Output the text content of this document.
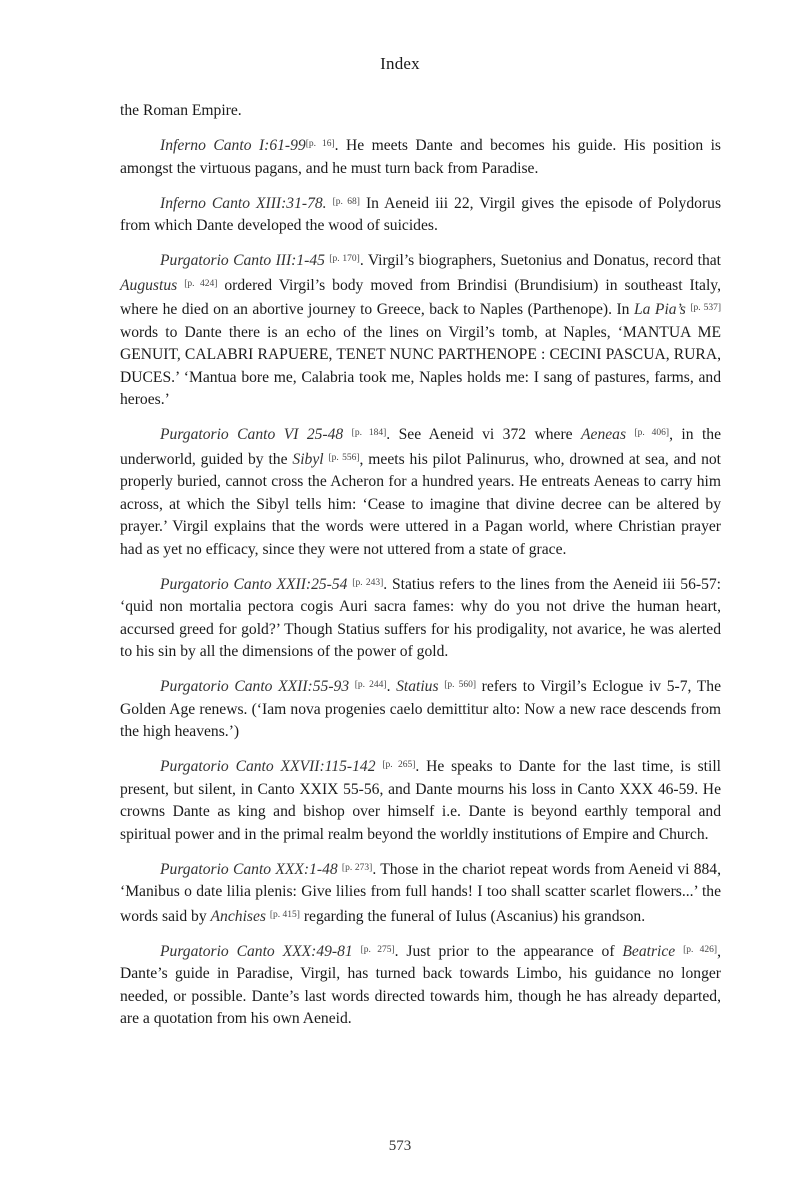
Index

the Roman Empire.

Inferno Canto I:61-99[p. 16]. He meets Dante and becomes his guide. His position is amongst the virtuous pagans, and he must turn back from Paradise.

Inferno Canto XIII:31-78. [p. 68] In Aeneid iii 22, Virgil gives the episode of Polydorus from which Dante developed the wood of suicides.

Purgatorio Canto III:1-45 [p. 170]. Virgil’s biographers, Suetonius and Donatus, record that Augustus [p. 424] ordered Virgil’s body moved from Brindisi (Brundisium) in southeast Italy, where he died on an abortive journey to Greece, back to Naples (Parthenope). In La Pia’s [p. 537] words to Dante there is an echo of the lines on Virgil’s tomb, at Naples, ‘MANTUA ME GENUIT, CALABRI RAPUERE, TENET NUNC PARTHENOPE : CECINI PASCUA, RURA, DUCES.’ ‘Mantua bore me, Calabria took me, Naples holds me: I sang of pastures, farms, and heroes.’

Purgatorio Canto VI 25-48 [p. 184]. See Aeneid vi 372 where Aeneas [p. 406], in the underworld, guided by the Sibyl [p. 556], meets his pilot Palinurus, who, drowned at sea, and not properly buried, cannot cross the Acheron for a hundred years. He entreats Aeneas to carry him across, at which the Sibyl tells him: ‘Cease to imagine that divine decree can be altered by prayer.’ Virgil explains that the words were uttered in a Pagan world, where Christian prayer had as yet no efficacy, since they were not uttered from a state of grace.

Purgatorio Canto XXII:25-54 [p. 243]. Statius refers to the lines from the Aeneid iii 56-57: ‘quid non mortalia pectora cogis Auri sacra fames: why do you not drive the human heart, accursed greed for gold?’ Though Statius suffers for his prodigality, not avarice, he was alerted to his sin by all the dimensions of the power of gold.

Purgatorio Canto XXII:55-93 [p. 244]. Statius [p. 560] refers to Virgil’s Eclogue iv 5-7, The Golden Age renews. (‘Iam nova progenies caelo demittitur alto: Now a new race descends from the high heavens.’)

Purgatorio Canto XXVII:115-142 [p. 265]. He speaks to Dante for the last time, is still present, but silent, in Canto XXIX 55-56, and Dante mourns his loss in Canto XXX 46-59. He crowns Dante as king and bishop over himself i.e. Dante is beyond earthly temporal and spiritual power and in the primal realm beyond the worldly institutions of Empire and Church.

Purgatorio Canto XXX:1-48 [p. 273]. Those in the chariot repeat words from Aeneid vi 884, ‘Manibus o date lilia plenis: Give lilies from full hands! I too shall scatter scarlet flowers...’ the words said by Anchises [p. 415] regarding the funeral of Iulus (Ascanius) his grandson.

Purgatorio Canto XXX:49-81 [p. 275]. Just prior to the appearance of Beatrice [p. 426], Dante’s guide in Paradise, Virgil, has turned back towards Limbo, his guidance no longer needed, or possible. Dante’s last words directed towards him, though he has already departed, are a quotation from his own Aeneid.

573
